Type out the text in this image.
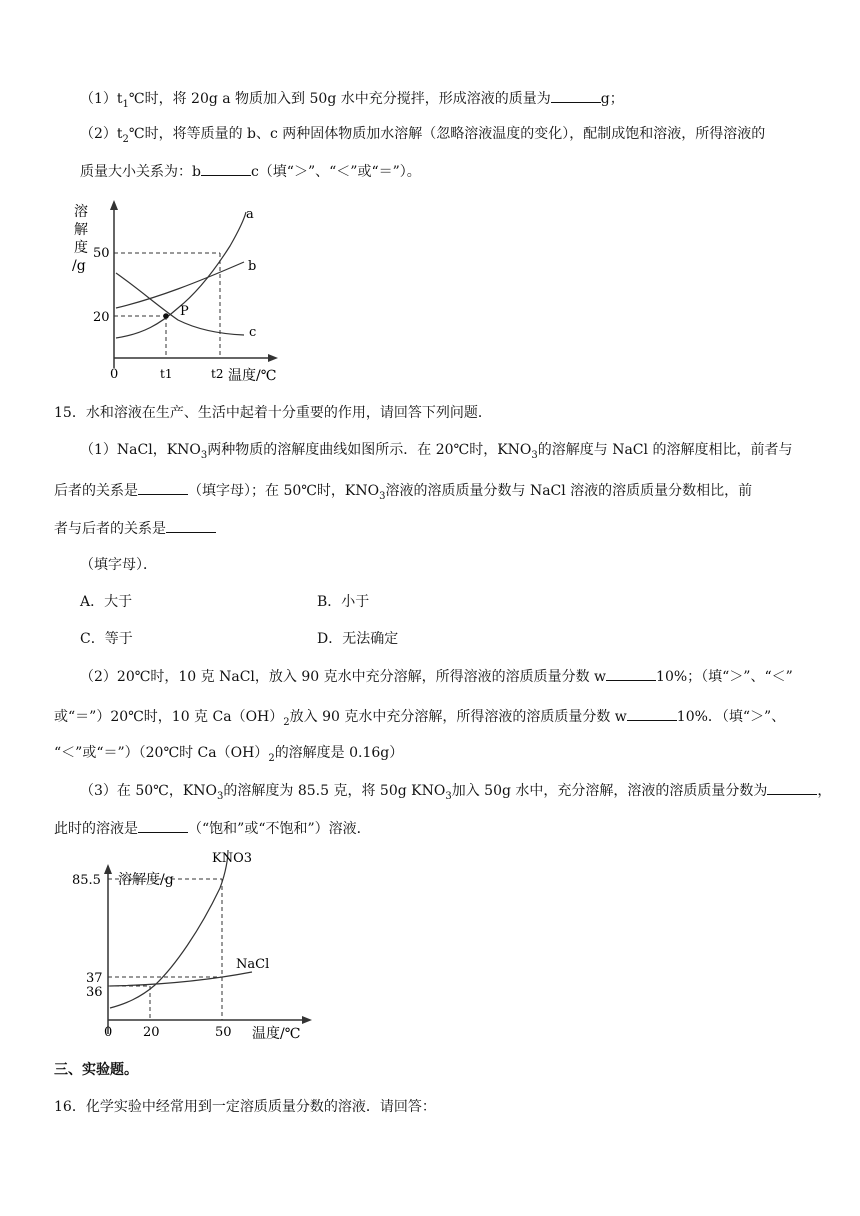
$(1)t_1℃$时，将 20g a 物质加入到 50g 水中充分搅拌，形成溶液的质量为	g；
$(2)t_2℃$时，将等质量的 b、c 两种固体物质加水溶解（忽略溶液温度的变化），配制成饱和溶液，所得溶液的
质量大小关系为：b	c（填“＞”、“＜”或“＝”）。
溶
解
度
/g
50
20
a
b
c
P
0	t1	t2 温度/℃
15．水和溶液在生产、生活中起着十分重要的作用，请回答下列问题．
（1）NaCl，$KNO_3$两种物质的溶解度曲线如图所示．在 20℃时，$KNO_3$的溶解度与 NaCl 的溶解度相比，前者与
后者的关系是	（填字母）；在 50℃时，$KNO_3$溶液的溶质质量分数与 NaCl 溶液的溶质质量分数相比，前
者与后者的关系是
（填字母）．
A．大于	B．小于
C．等于	D．无法确定
（2）20℃时，10 克 NaCl，放入 90 克水中充分溶解，所得溶液的溶质质量分数 w	10%；（填“＞”、“＜”
或“＝”）20℃时，10 克 $Ca(OH)_2$放入 90 克水中充分溶解，所得溶液的溶质质量分数 w	10%．（填“＞”、
“＜”或“＝”）（20℃时 $Ca(OH)_2$的溶解度是 0.16g）
（3）在 50℃，$KNO_3$的溶解度为 85.5 克，将 50g $KNO_3$加入 50g 水中，充分溶解，溶液的溶质质量分数为	，
此时的溶液是	（“饱和”或“不饱和”）溶液．
溶解度/g
85.5
37
36
KNO3
NaCl
0 20	50 温度/℃
三、实验题。
16．化学实验中经常用到一定溶质质量分数的溶液．请回答：
